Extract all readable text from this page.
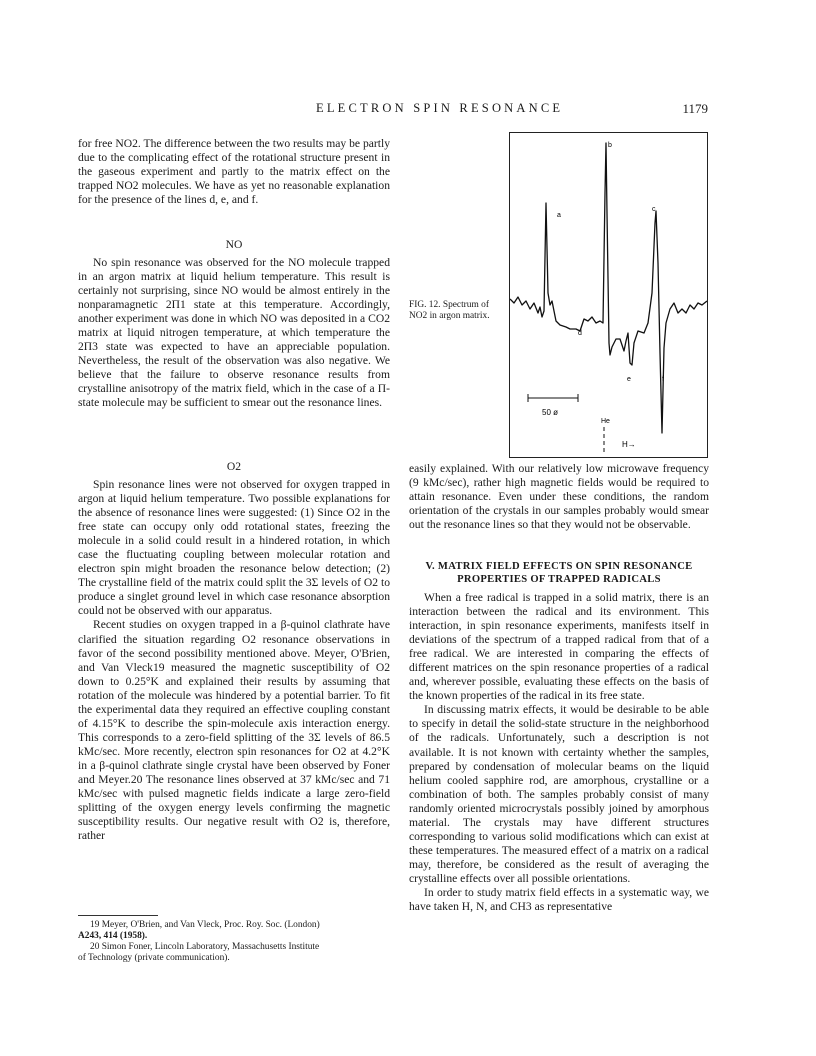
ELECTRON SPIN RESONANCE	1179

for free NO2. The difference between the two results may be partly due to the complicating effect of the rotational structure present in the gaseous experiment and partly to the matrix effect on the trapped NO2 molecules. We have as yet no reasonable explanation for the presence of the lines d, e, and f.

NO

No spin resonance was observed for the NO molecule trapped in an argon matrix at liquid helium temperature. This result is certainly not surprising, since NO would be almost entirely in the nonparamagnetic 2Π1 state at this temperature. Accordingly, another experiment was done in which NO was deposited in a CO2 matrix at liquid nitrogen temperature, at which temperature the 2Π3 state was expected to have an appreciable population. Nevertheless, the result of the observation was also negative. We believe that the failure to observe resonance results from crystalline anisotropy of the matrix field, which in the case of a Π-state molecule may be sufficient to smear out the resonance lines.

O2

Spin resonance lines were not observed for oxygen trapped in argon at liquid helium temperature. Two possible explanations for the absence of resonance lines were suggested: (1) Since O2 in the free state can occupy only odd rotational states, freezing the molecule in a solid could result in a hindered rotation, in which case the fluctuating coupling between molecular rotation and electron spin might broaden the resonance below detection; (2) The crystalline field of the matrix could split the 3Σ levels of O2 to produce a singlet ground level in which case resonance absorption could not be observed with our apparatus.

Recent studies on oxygen trapped in a β-quinol clathrate have clarified the situation regarding O2 resonance observations in favor of the second possibility mentioned above. Meyer, O'Brien, and Van Vleck19 measured the magnetic susceptibility of O2 down to 0.25°K and explained their results by assuming that rotation of the molecule was hindered by a potential barrier. To fit the experimental data they required an effective coupling constant of 4.15°K to describe the spin-molecule axis interaction energy. This corresponds to a zero-field splitting of the 3Σ levels of 86.5 kMc/sec. More recently, electron spin resonances for O2 at 4.2°K in a β-quinol clathrate single crystal have been observed by Foner and Meyer.20 The resonance lines observed at 37 kMc/sec and 71 kMc/sec with pulsed magnetic fields indicate a large zero-field splitting of the oxygen energy levels confirming the magnetic susceptibility results. Our negative result with O2 is, therefore, rather

19 Meyer, O'Brien, and Van Vleck, Proc. Roy. Soc. (London)

A243, 414 (1958).

20 Simon Foner, Lincoln Laboratory, Massachusetts Institute

of Technology (private communication).

FIG. 12. Spectrum of NO2 in argon matrix.
a
b
c
d
e	f
50 ø
He
H→

easily explained. With our relatively low microwave frequency (9 kMc/sec), rather high magnetic fields would be required to attain resonance. Even under these conditions, the random orientation of the crystals in our samples probably would smear out the resonance lines so that they would not be observable.

V. MATRIX FIELD EFFECTS ON SPIN RESONANCE
PROPERTIES OF TRAPPED RADICALS

When a free radical is trapped in a solid matrix, there is an interaction between the radical and its environment. This interaction, in spin resonance experiments, manifests itself in deviations of the spectrum of a trapped radical from that of a free radical. We are interested in comparing the effects of different matrices on the spin resonance properties of a radical and, wherever possible, evaluating these effects on the basis of the known properties of the radical in its free state.

In discussing matrix effects, it would be desirable to be able to specify in detail the solid-state structure in the neighborhood of the radicals. Unfortunately, such a description is not available. It is not known with certainty whether the samples, prepared by condensation of molecular beams on the liquid helium cooled sapphire rod, are amorphous, crystalline or a combination of both. The samples probably consist of many randomly oriented microcrystals possibly joined by amorphous material. The crystals may have different structures corresponding to various solid modifications which can exist at these temperatures. The measured effect of a matrix on a radical may, therefore, be considered as the result of averaging the crystalline effects over all possible orientations.

In order to study matrix field effects in a systematic way, we have taken H, N, and CH3 as representative
